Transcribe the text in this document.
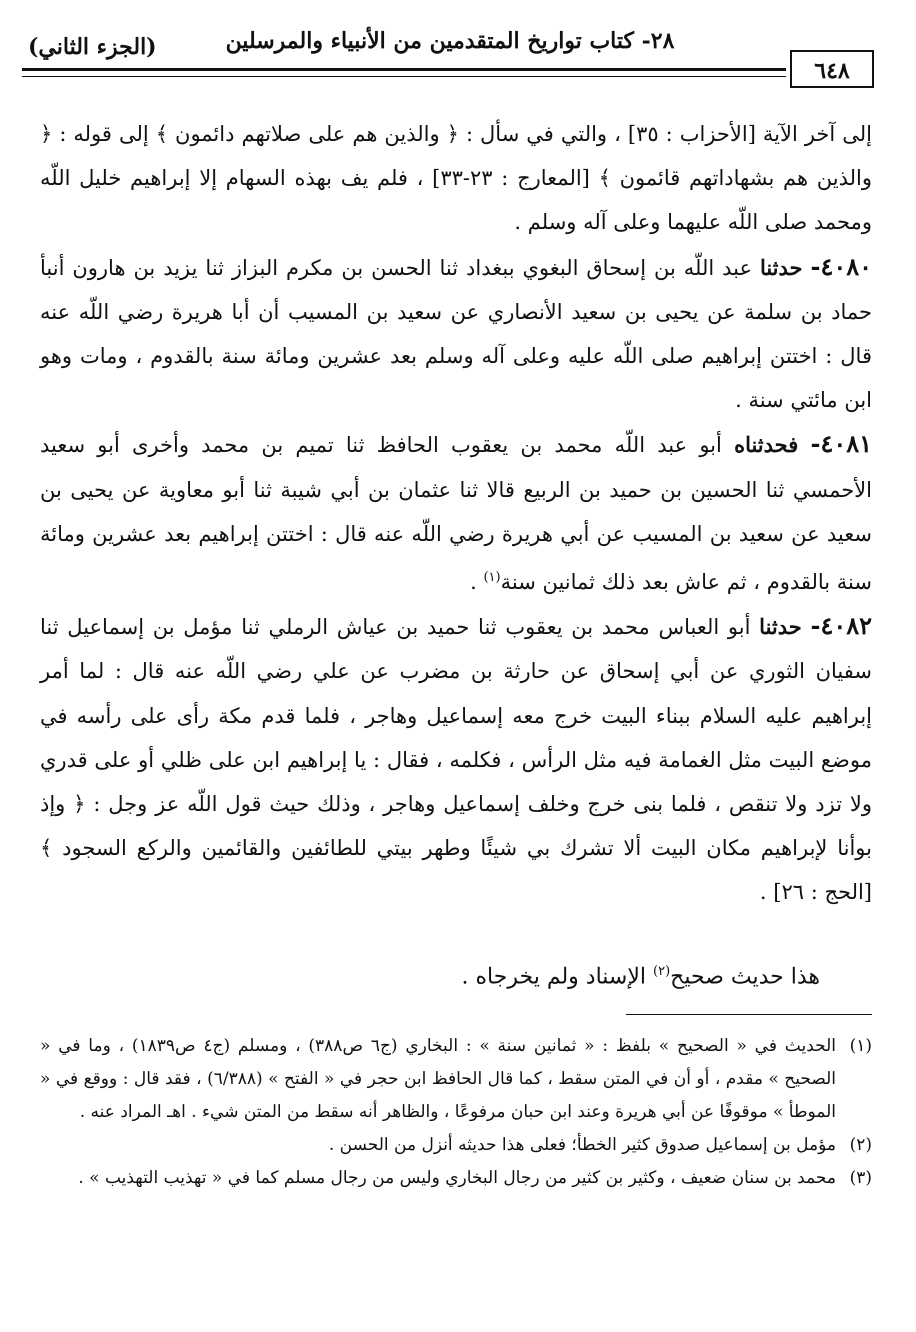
(الجزء الثاني)	٢٨- كتاب تواريخ المتقدمين من الأنبياء والمرسلين
٦٤٨

إلى آخر الآية [الأحزاب : ٣٥] ، والتي في سأل : ﴿ والذين هم على صلاتهم دائمون ﴾ إلى قوله : ﴿ والذين هم بشهاداتهم قائمون ﴾ [المعارج : ٢٣-٣٣] ، فلم يف بهذه السهام إلا إبراهيم خليل اللّه ومحمد صلى اللّه عليهما وعلى آله وسلم .

٤٠٨٠- حدثنا عبد اللّه بن إسحاق البغوي ببغداد ثنا الحسن بن مكرم البزاز ثنا يزيد بن هارون أنبأ حماد بن سلمة عن يحيى بن سعيد الأنصاري عن سعيد بن المسيب أن أبا هريرة رضي اللّه عنه قال : اختتن إبراهيم صلى اللّه عليه وعلى آله وسلم بعد عشرين ومائة سنة بالقدوم ، ومات وهو ابن مائتي سنة .

٤٠٨١- فحدثناه أبو عبد اللّه محمد بن يعقوب الحافظ ثنا تميم بن محمد وأخرى أبو سعيد الأحمسي ثنا الحسين بن حميد بن الربيع قالا ثنا عثمان بن أبي شيبة ثنا أبو معاوية عن يحيى بن سعيد عن سعيد بن المسيب عن أبي هريرة رضي اللّه عنه قال : اختتن إبراهيم بعد عشرين ومائة سنة بالقدوم ، ثم عاش بعد ذلك ثمانين سنة$^{(١)}$ .

٤٠٨٢- حدثنا أبو العباس محمد بن يعقوب ثنا حميد بن عياش الرملي ثنا مؤمل بن إسماعيل ثنا سفيان الثوري عن أبي إسحاق عن حارثة بن مضرب عن علي رضي اللّه عنه قال : لما أمر إبراهيم عليه السلام ببناء البيت خرج معه إسماعيل وهاجر ، فلما قدم مكة رأى على رأسه في موضع البيت مثل الغمامة فيه مثل الرأس ، فكلمه ، فقال : يا إبراهيم ابن على ظلي أو على قدري ولا تزد ولا تنقص ، فلما بنى خرج وخلف إسماعيل وهاجر ، وذلك حيث قول اللّه عز وجل : ﴿ وإذ بوأنا لإبراهيم مكان البيت ألا تشرك بي شيئًا وطهر بيتي للطائفين والقائمين والركع السجود ﴾ [الحج : ٢٦] .

هذا حديث صحيح$^{(٢)}$ الإسناد ولم يخرجاه .
(١)
الحديث في « الصحيح » بلفظ : « ثمانين سنة » : البخاري (ج٦ ص٣٨٨) ، ومسلم (ج٤ ص١٨٣٩) ، وما في « الصحيح » مقدم ، أو أن في المتن سقط ، كما قال الحافظ ابن حجر في « الفتح » (٦/٣٨٨) ، فقد قال : ووقع في « الموطأ » موقوفًا عن أبي هريرة وعند ابن حبان مرفوعًا ، والظاهر أنه سقط من المتن شيء . اهـ المراد عنه .
(٢)
مؤمل بن إسماعيل صدوق كثير الخطأ؛ فعلى هذا حديثه أنزل من الحسن .
(٣)
محمد بن سنان ضعيف ، وكثير بن كثير من رجال البخاري وليس من رجال مسلم كما في « تهذيب التهذيب » .
